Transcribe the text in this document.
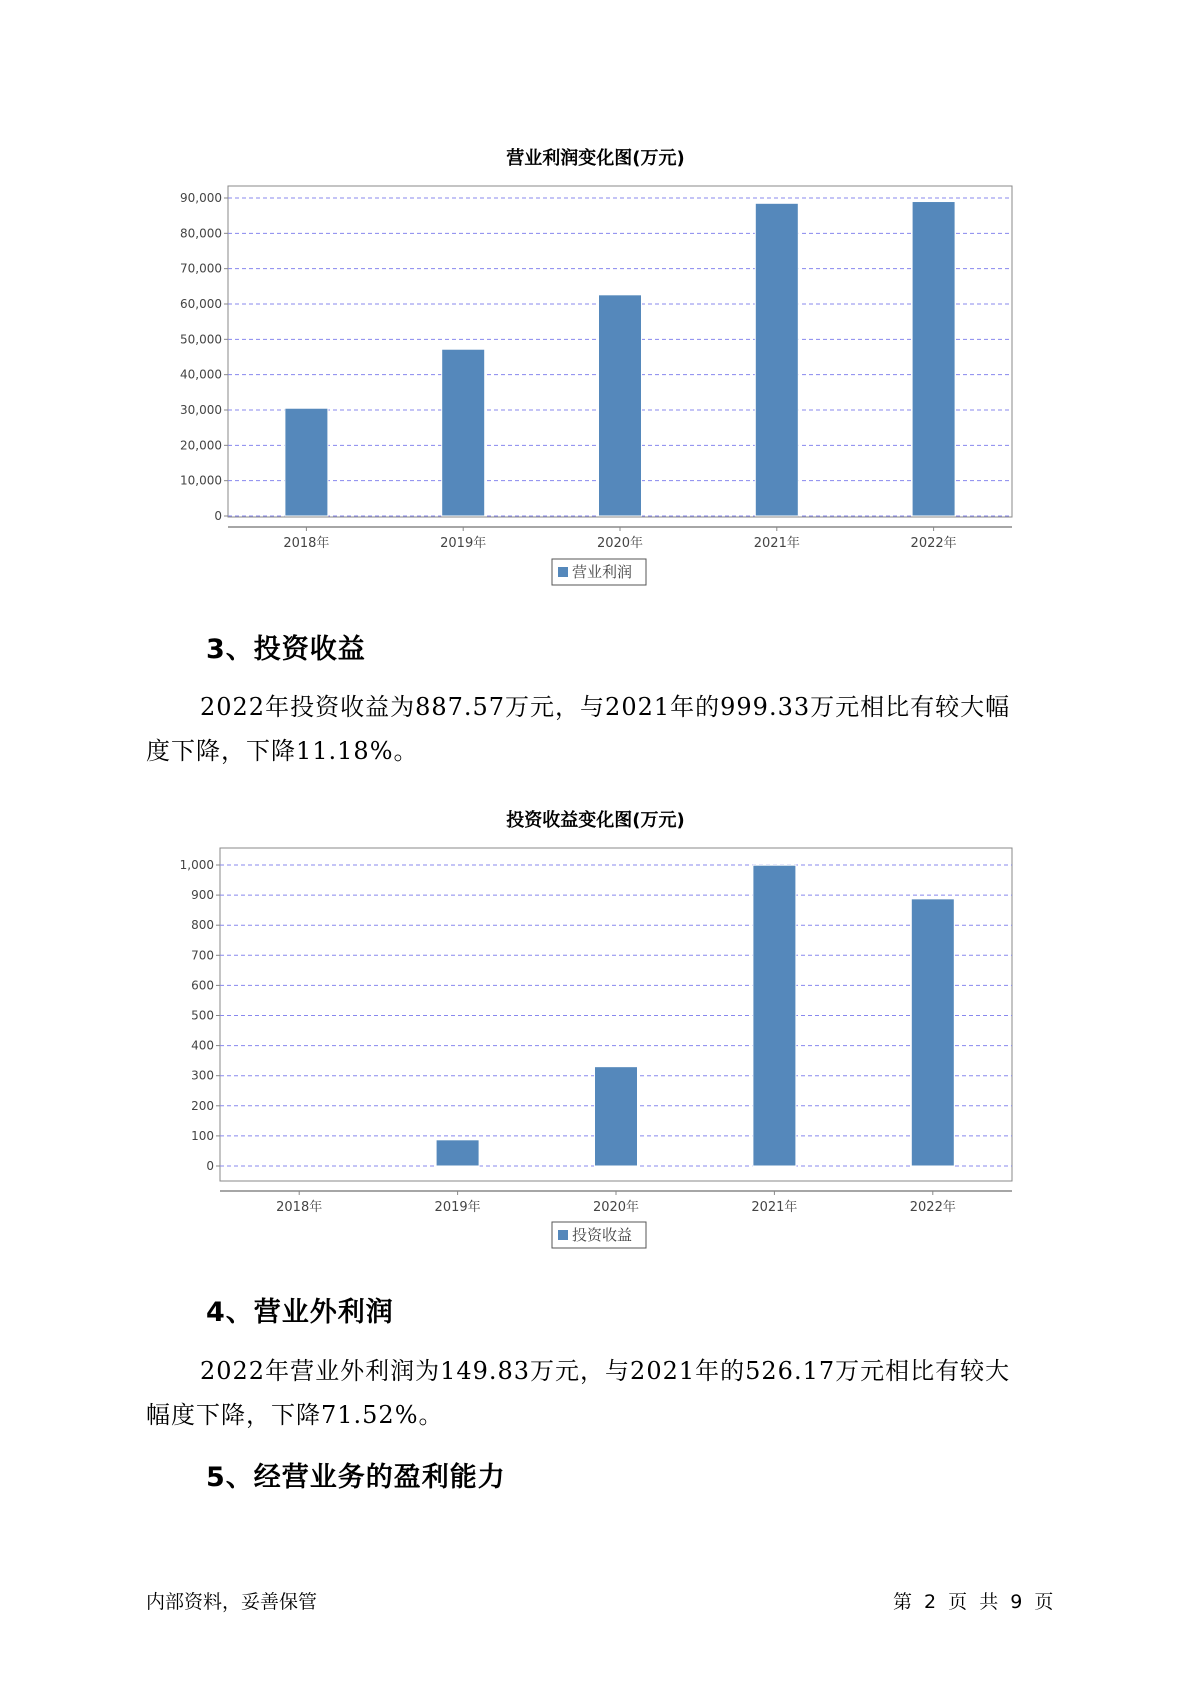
营业利润变化图(万元)
0
10,000
20,000
30,000
40,000
50,000
60,000
70,000
80,000
90,000
2018年	2019年	2020年	2021年	2022年
营业利润
3、投资收益

2022年投资收益为887.57万元，与2021年的999.33万元相比有较大幅
度下降，下降11.18%。

投资收益变化图(万元)
0
100
200
300
400
500
600
700
800
900
1,000
2018年	2019年	2020年	2021年	2022年
投资收益
4、营业外利润

2022年营业外利润为149.83万元，与2021年的526.17万元相比有较大
幅度下降，下降71.52%。

5、经营业务的盈利能力
内部资料，妥善保管	第 2 页 共 9 页
